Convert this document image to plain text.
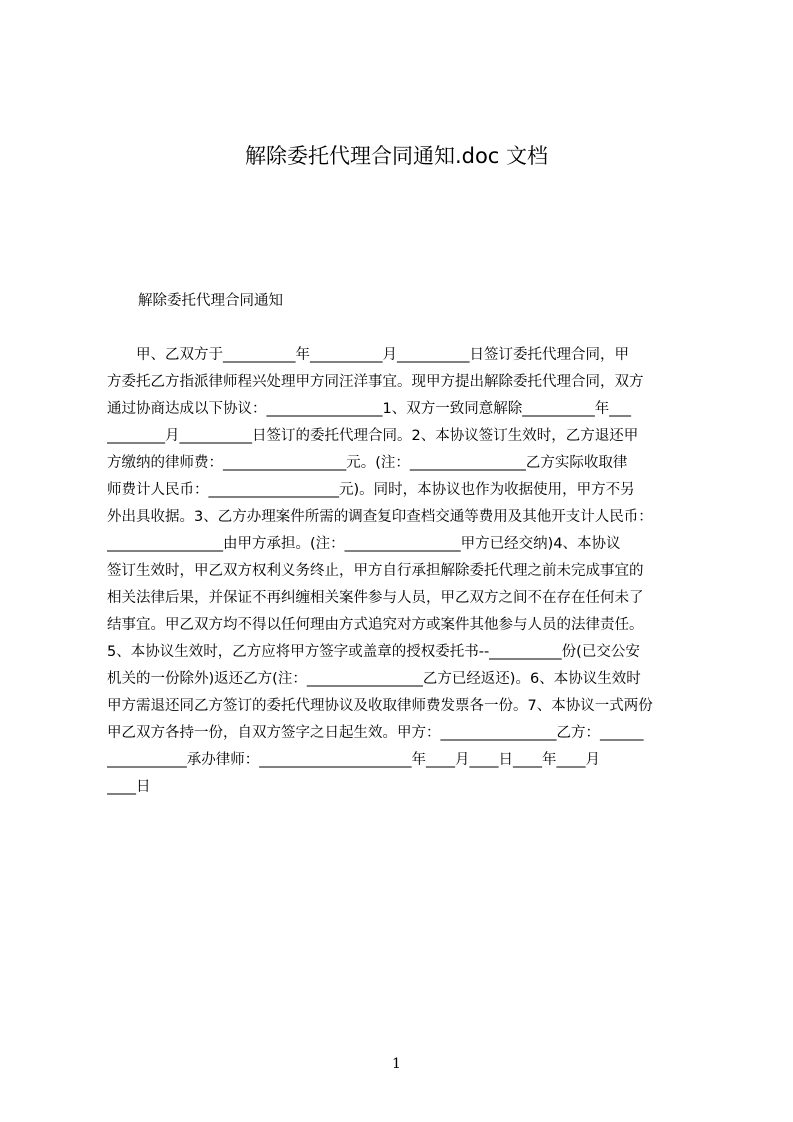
解除委托代理合同通知.doc 文档
解除委托代理合同通知
　　甲、乙双方于__________年__________月__________日签订委托代理合同，甲
方委托乙方指派律师程兴处理甲方同汪洋事宜。现甲方提出解除委托代理合同，双方
通过协商达成以下协议：________________1、双方一致同意解除__________年___
________月__________日签订的委托代理合同。2、本协议签订生效时，乙方退还甲
方缴纳的律师费：_________________元。(注：________________乙方实际收取律
师费计人民币：__________________元)。同时，本协议也作为收据使用，甲方不另
外出具收据。3、乙方办理案件所需的调查复印查档交通等费用及其他开支计人民币：
________________由甲方承担。(注：________________甲方已经交纳)4、本协议
签订生效时，甲乙双方权利义务终止，甲方自行承担解除委托代理之前未完成事宜的
相关法律后果，并保证不再纠缠相关案件参与人员，甲乙双方之间不在存在任何未了
结事宜。甲乙双方均不得以任何理由方式追究对方或案件其他参与人员的法律责任。
5、本协议生效时，乙方应将甲方签字或盖章的授权委托书--__________份(已交公安
机关的一份除外)返还乙方(注：________________乙方已经返还)。6、本协议生效时
甲方需退还同乙方签订的委托代理协议及收取律师费发票各一份。7、本协议一式两份
甲乙双方各持一份，自双方签字之日起生效。甲方：________________乙方：______
___________承办律师：_____________________年____月____日____年____月
____日
1
